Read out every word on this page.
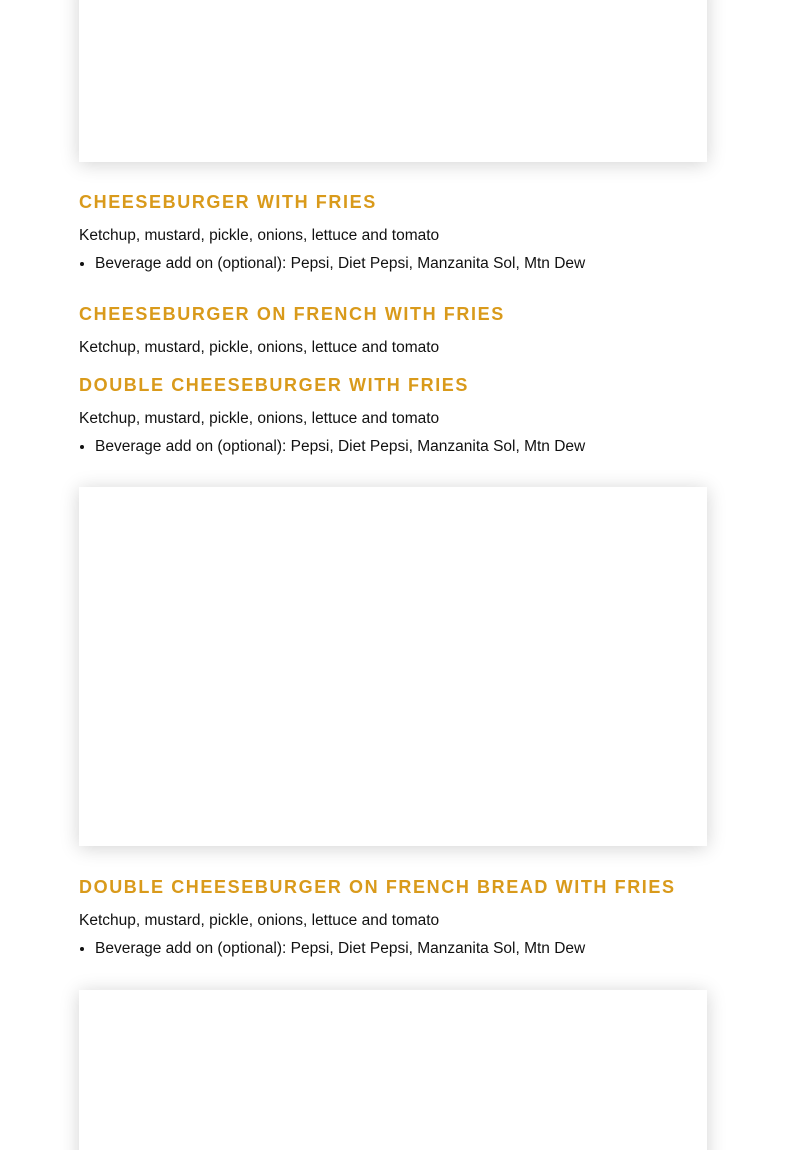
CHEESEBURGER WITH FRIES

Ketchup, mustard, pickle, onions, lettuce and tomato

• Beverage add on (optional): Pepsi, Diet Pepsi, Manzanita Sol, Mtn Dew
CHEESEBURGER ON FRENCH WITH FRIES

Ketchup, mustard, pickle, onions, lettuce and tomato

DOUBLE CHEESEBURGER WITH FRIES

Ketchup, mustard, pickle, onions, lettuce and tomato

• Beverage add on (optional): Pepsi, Diet Pepsi, Manzanita Sol, Mtn Dew
DOUBLE CHEESEBURGER ON FRENCH BREAD WITH FRIES

Ketchup, mustard, pickle, onions, lettuce and tomato

• Beverage add on (optional): Pepsi, Diet Pepsi, Manzanita Sol, Mtn Dew
